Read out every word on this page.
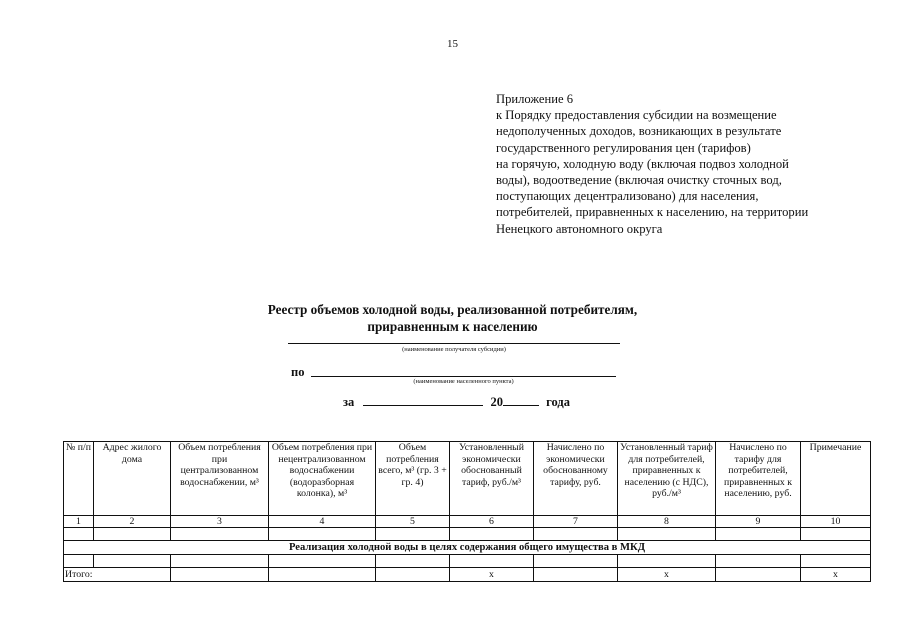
15
Приложение 6
к Порядку предоставления субсидии на возмещение
недополученных доходов, возникающих в результате
государственного регулирования цен (тарифов)
на горячую, холодную воду (включая подвоз холодной
воды), водоотведение (включая очистку сточных вод,
поступающих децентрализовано) для населения,
потребителей, приравненных к населению, на территории
Ненецкого автономного округа
Реестр объемов холодной воды, реализованной потребителям,
приравненным к населению
(наименование получателя субсидии)
по
(наименование населенного пункта)
за	20	года
№ п/п	Адрес жилого дома	Объем потребления при централизованном водоснабжении, м³	Объем потребления при нецентрализованном водоснабжении (водоразборная колонка), м³	Объем потребления всего, м³ (гр. 3 + гр. 4)	Установленный экономически обоснованный тариф, руб./м³	Начислено по экономически обоснованному тарифу, руб.	Установленный тариф для потребителей, приравненных к населению (с НДС), руб./м³	Начислено по тарифу для потребителей, приравненных к населению, руб.	Примечание
1	2	3	4	5	6	7	8	9	10

Реализация холодной воды в целях содержания общего имущества в МКД									

Итого:					х		х		х
